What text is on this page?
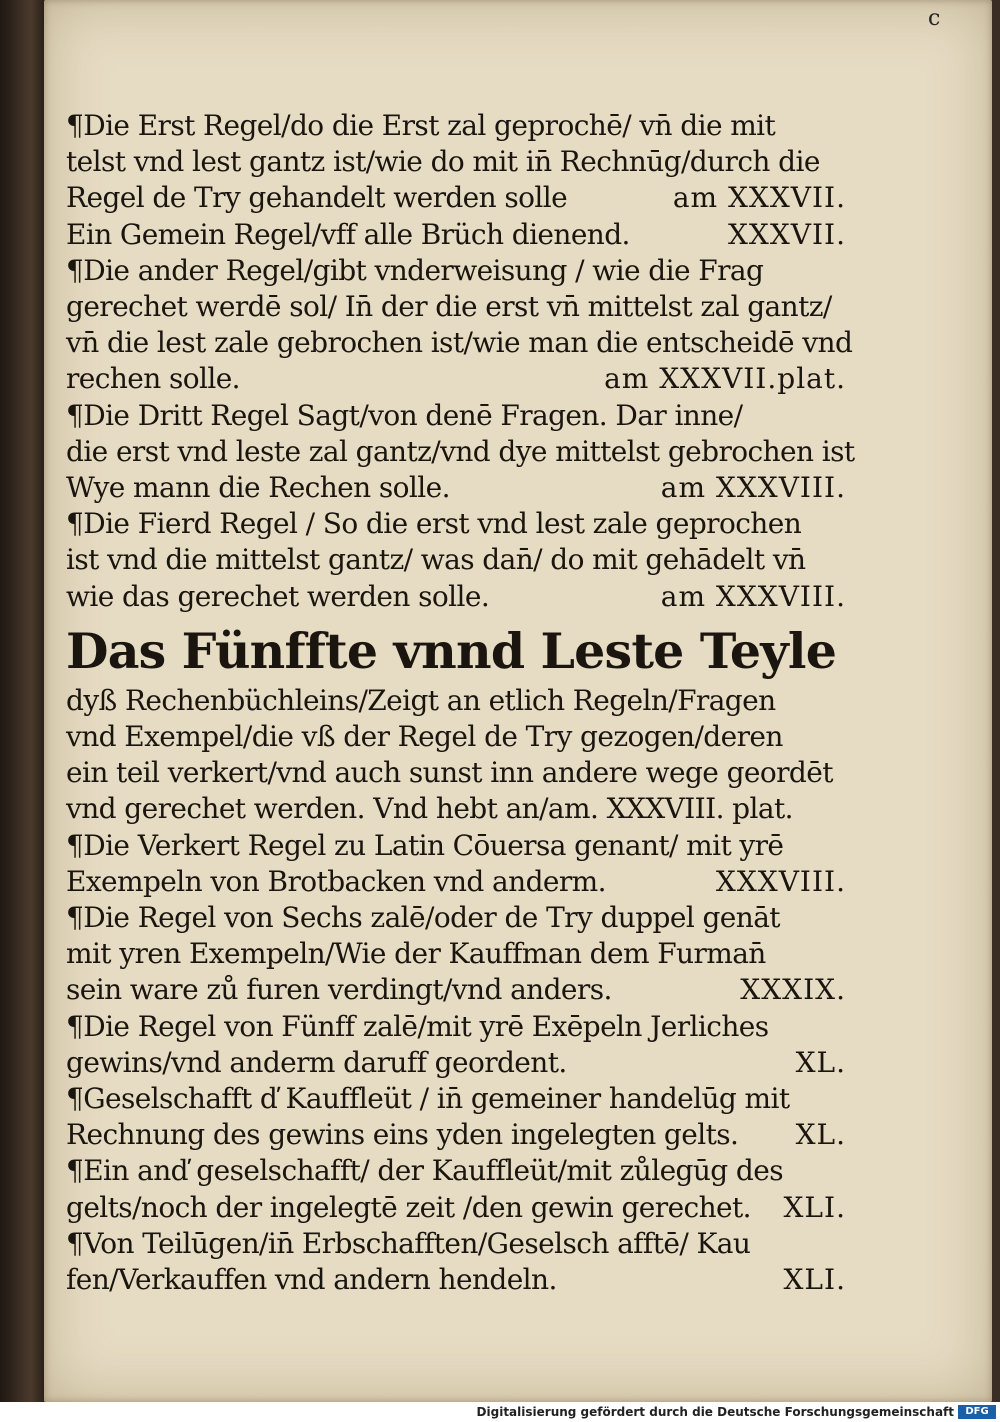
c
¶Die Erst Regel/do die Erst zal geprochē/ vn̄ die mit
telst vnd lest gantz ist/wie do mit in̄ Rechnūg/durch die
Regel de Try gehandelt werden solle	am XXXVII.
Ein Gemein Regel/vff alle Brüch dienend.	XXXVII.
¶Die ander Regel/gibt vnderweisung / wie die Frag
gerechet werdē sol/ In̄ der die erst vn̄ mittelst zal gantz/
vn̄ die lest zale gebrochen ist/wie man die entscheidē vnd
rechen solle.	am XXXVII.plat.
¶Die Dritt Regel Sagt/von denē Fragen. Dar inne/
die erst vnd leste zal gantz/vnd dye mittelst gebrochen ist
Wye mann die Rechen solle.	am XXXVIII.
¶Die Fierd Regel / So die erst vnd lest zale geprochen
ist vnd die mittelst gantz/ was dan̄/ do mit gehādelt vn̄
wie das gerechet werden solle.	am XXXVIII.
Das Fünffte vnnd Leste Teyle
dyß Rechenbüchleins/Zeigt an etlich Regeln/Fragen
vnd Exempel/die vß der Regel de Try gezogen/deren
ein teil verkert/vnd auch sunst inn andere wege geordēt
vnd gerechet werden. Vnd hebt an/am. XXXVIII. plat.
¶Die Verkert Regel zu Latin Cōuersa genant/ mit yrē
Exempeln von Brotbacken vnd anderm.	XXXVIII.
¶Die Regel von Sechs zalē/oder de Try duppel genāt
mit yren Exempeln/Wie der Kauffman dem Furman̄
sein ware zů furen verdingt/vnd anders.	XXXIX.
¶Die Regel von Fünff zalē/mit yrē Exēpeln Jerliches
gewins/vnd anderm daruff geordent.	XL.
¶Geselschafft ď Kauffleüt / in̄ gemeiner handelūg mit
Rechnung des gewins eins yden ingelegten gelts. XL.
¶Ein anď geselschafft/ der Kauffleüt/mit zůlegūg des
gelts/noch der ingelegtē zeit /den gewin gerechet. XLI.
¶Von Teilūgen/in̄ Erbschafften/Geselsch afftē/ Kau
fen/Verkauffen vnd andern hendeln.	XLI.
Digitalisierung gefördert durch die Deutsche Forschungsgemeinschaft	DFG
